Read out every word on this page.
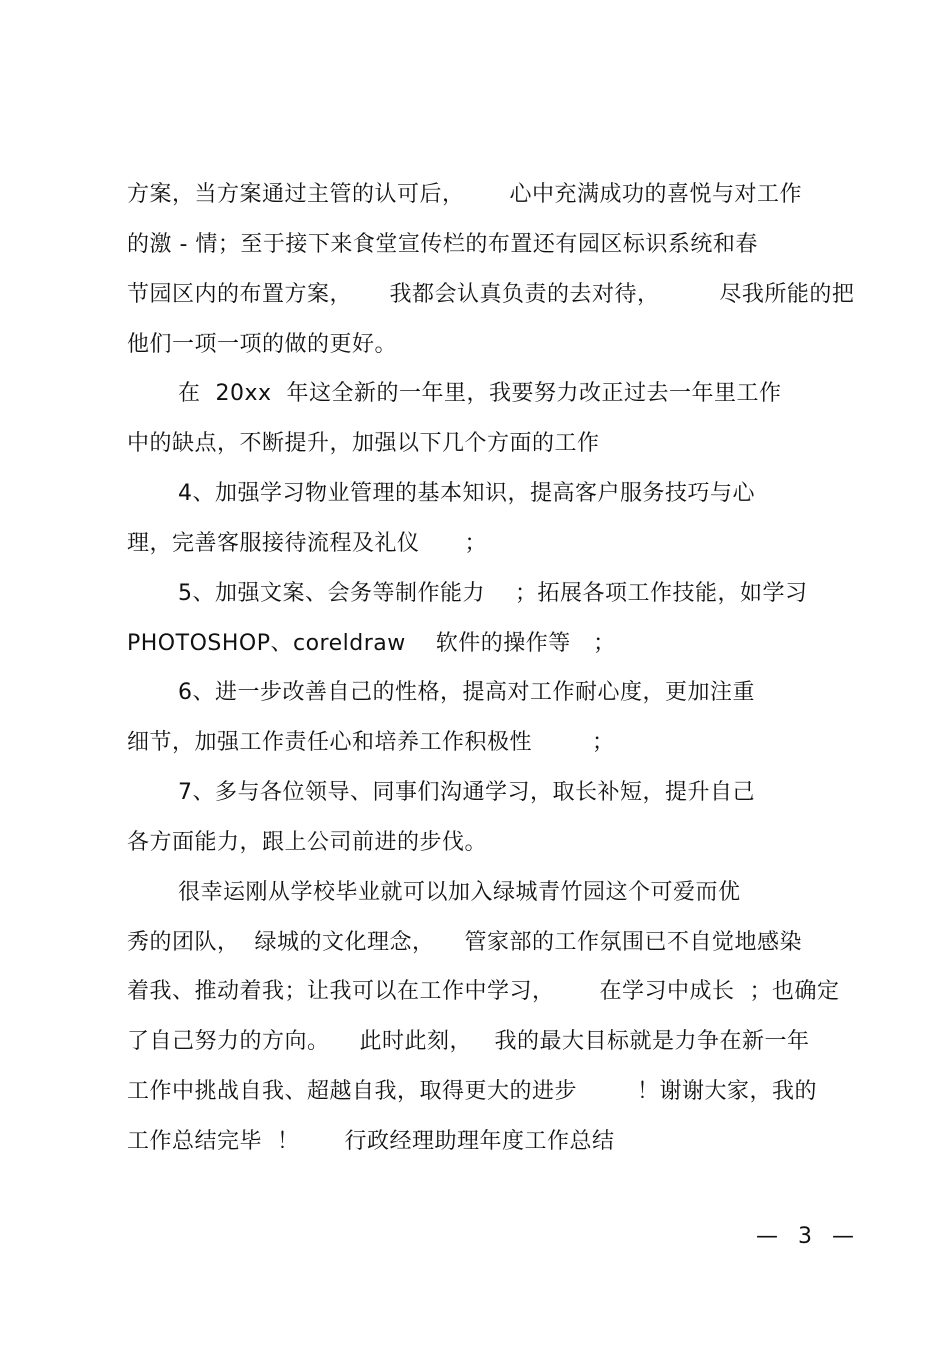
方案，当方案通过主管的认可后，      心中充满成功的喜悦与对工作
的激 - 情；至于接下来食堂宣传栏的布置还有园区标识系统和春
节园区内的布置方案，     我都会认真负责的去对待，        尽我所能的把
他们一项一项的做的更好。
在  20xx  年这全新的一年里，我要努力改正过去一年里工作
中的缺点，不断提升，加强以下几个方面的工作
4、加强学习物业管理的基本知识，提高客户服务技巧与心
理，完善客服接待流程及礼仪      ；
5、加强文案、会务等制作能力    ；拓展各项工作技能，如学习
PHOTOSHOP、coreldraw    软件的操作等   ；
6、进一步改善自己的性格，提高对工作耐心度，更加注重
细节，加强工作责任心和培养工作积极性        ；
7、多与各位领导、同事们沟通学习，取长补短，提升自己
各方面能力，跟上公司前进的步伐。
很幸运刚从学校毕业就可以加入绿城青竹园这个可爱而优
秀的团队，  绿城的文化理念，    管家部的工作氛围已不自觉地感染
着我、推动着我；让我可以在工作中学习，      在学习中成长  ；也确定
了自己努力的方向。    此时此刻，   我的最大目标就是力争在新一年
工作中挑战自我、超越自我，取得更大的进步        ！谢谢大家，我的
工作总结完毕  ！      行政经理助理年度工作总结
—  3  —
